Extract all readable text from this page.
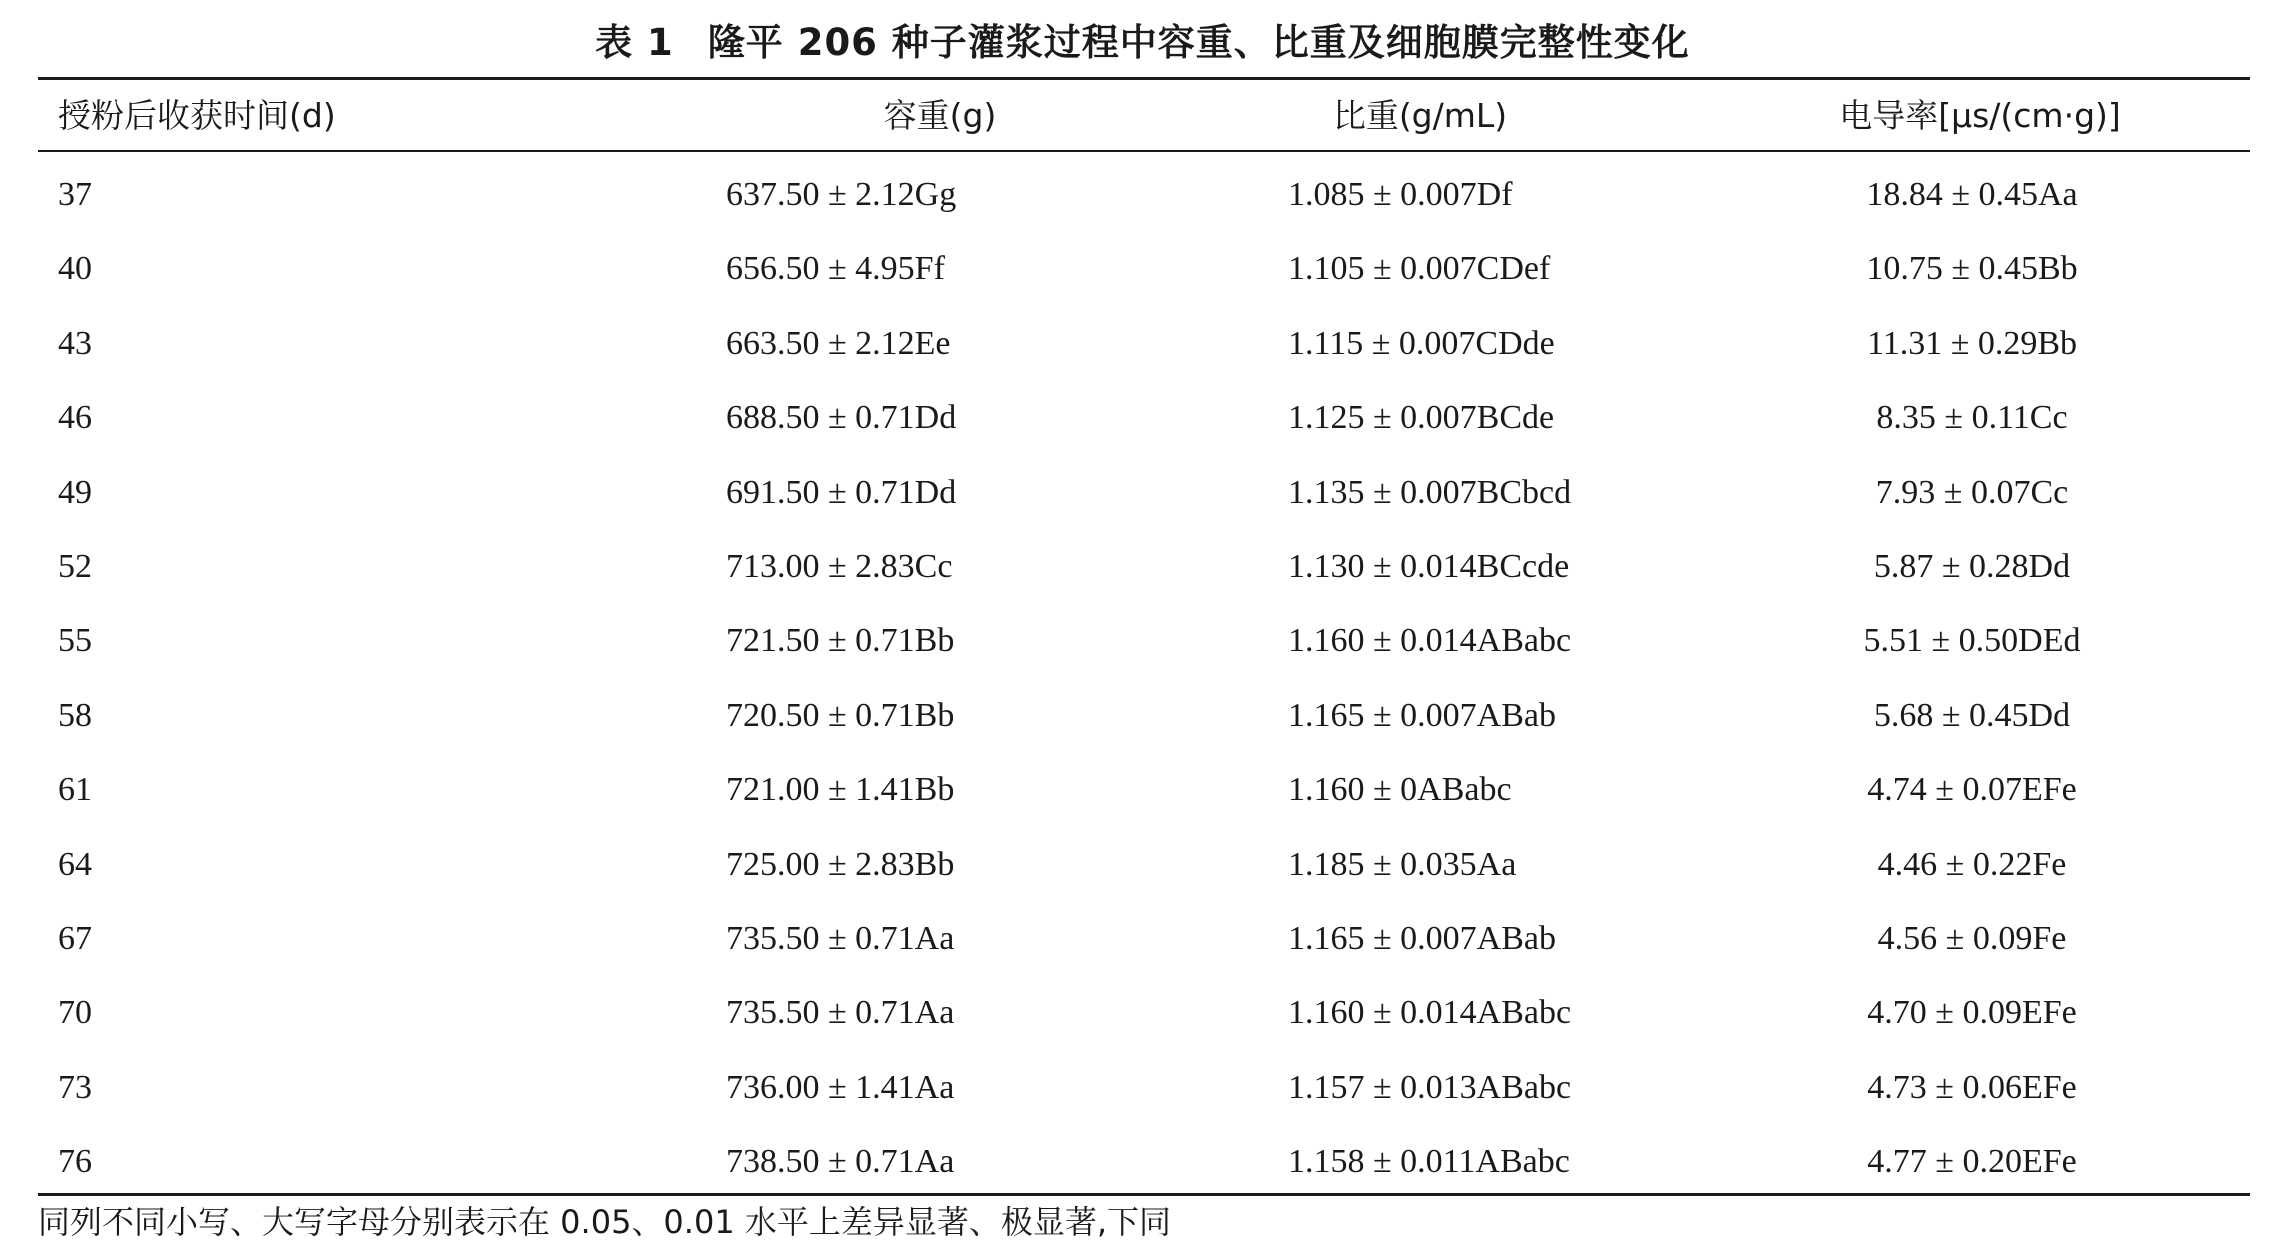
表 1 隆平 206 种子灌浆过程中容重、比重及细胞膜完整性变化
授粉后收获时间(d)	容重(g)	比重(g/mL)	电导率[μs/(cm·g)]
37	637.50 ± 2.12Gg	1.085 ± 0.007Df	18.84 ± 0.45Aa
40	656.50 ± 4.95Ff	1.105 ± 0.007CDef	10.75 ± 0.45Bb
43	663.50 ± 2.12Ee	1.115 ± 0.007CDde	11.31 ± 0.29Bb
46	688.50 ± 0.71Dd	1.125 ± 0.007BCde	8.35 ± 0.11Cc
49	691.50 ± 0.71Dd	1.135 ± 0.007BCbcd	7.93 ± 0.07Cc
52	713.00 ± 2.83Cc	1.130 ± 0.014BCcde	5.87 ± 0.28Dd
55	721.50 ± 0.71Bb	1.160 ± 0.014ABabc	5.51 ± 0.50DEd
58	720.50 ± 0.71Bb	1.165 ± 0.007ABab	5.68 ± 0.45Dd
61	721.00 ± 1.41Bb	1.160 ± 0ABabc	4.74 ± 0.07EFe
64	725.00 ± 2.83Bb	1.185 ± 0.035Aa	4.46 ± 0.22Fe
67	735.50 ± 0.71Aa	1.165 ± 0.007ABab	4.56 ± 0.09Fe
70	735.50 ± 0.71Aa	1.160 ± 0.014ABabc	4.70 ± 0.09EFe
73	736.00 ± 1.41Aa	1.157 ± 0.013ABabc	4.73 ± 0.06EFe
76	738.50 ± 0.71Aa	1.158 ± 0.011ABabc	4.77 ± 0.20EFe
同列不同小写、大写字母分别表示在 0.05、0.01 水平上差异显著、极显著,下同
